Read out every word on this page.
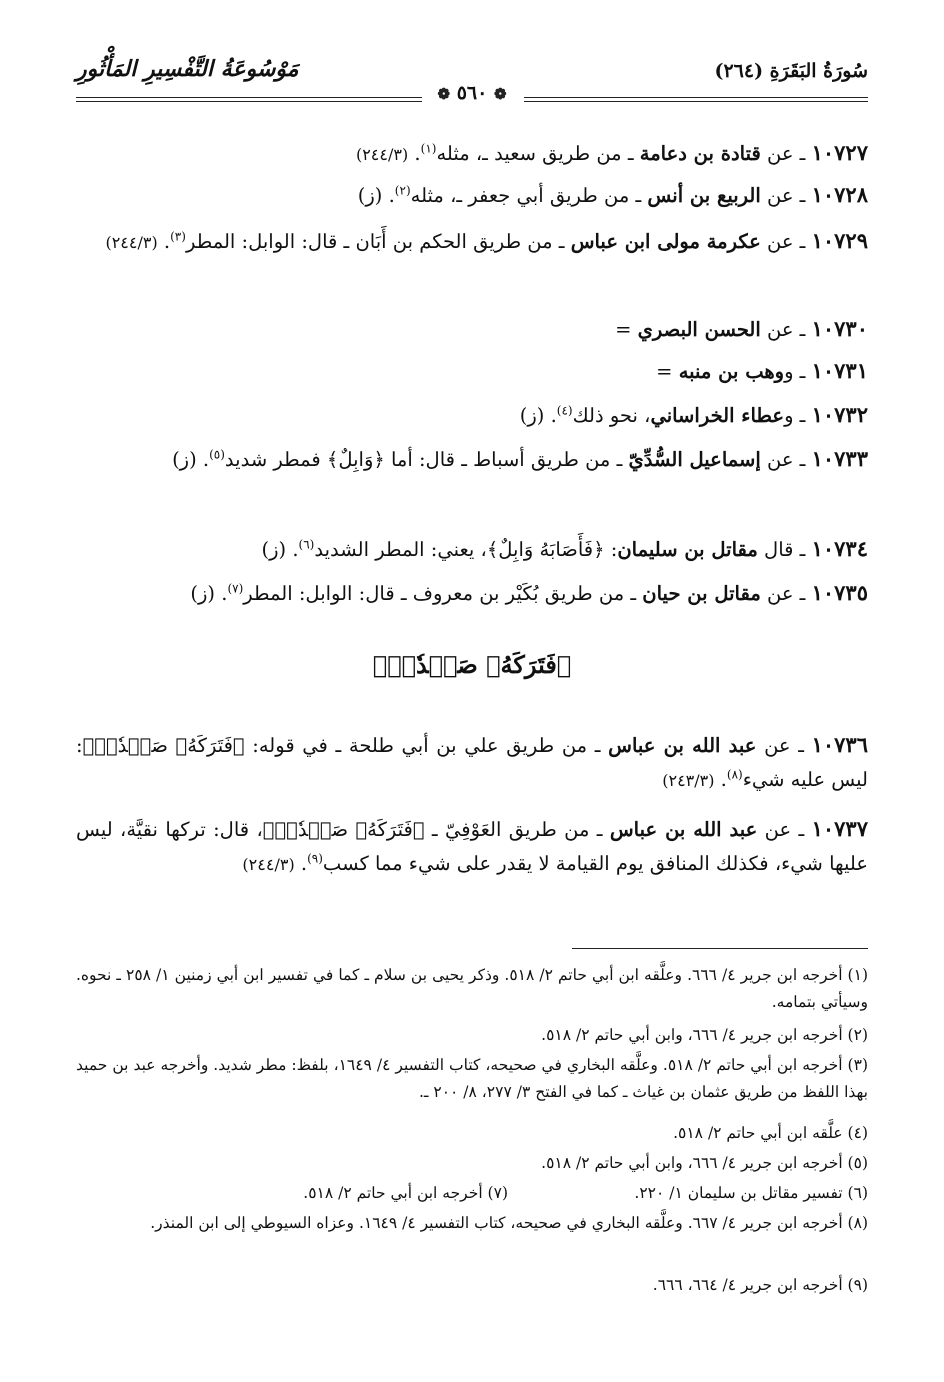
سُورَةُ البَقَرَةِ (٢٦٤)
مَوْسُوعَةُ التَّفْسِيرِ المَأْثُورِ
❁ ٥٦٠ ❁
١٠٧٢٧ ـ عن قتادة بن دعامة ـ من طريق سعيد ـ، مثله$^{(١)}$. (٢٤٤/٣)
١٠٧٢٨ ـ عن الربيع بن أنس ـ من طريق أبي جعفر ـ، مثله$^{(٢)}$. (ز)
١٠٧٢٩ ـ عن عكرمة مولى ابن عباس ـ من طريق الحكم بن أَبَان ـ قال: الوابل: المطر$^{(٣)}$. (٢٤٤/٣)
١٠٧٣٠ ـ عن الحسن البصري =
١٠٧٣١ ـ ووهب بن منبه =
١٠٧٣٢ ـ وعطاء الخراساني، نحو ذلك$^{(٤)}$. (ز)
١٠٧٣٣ ـ عن إسماعيل السُّدِّيّ ـ من طريق أسباط ـ قال: أما ﴿وَابِلٌ﴾ فمطر شديد$^{(٥)}$. (ز)
١٠٧٣٤ ـ قال مقاتل بن سليمان: ﴿فَأَصَابَهُ وَابِلٌ﴾، يعني: المطر الشديد$^{(٦)}$. (ز)
١٠٧٣٥ ـ عن مقاتل بن حيان ـ من طريق بُكَيْر بن معروف ـ قال: الوابل: المطر$^{(٧)}$. (ز)
﴿فَتَرَكَهُۥ صَلۡدٗاۖ﴾
١٠٧٣٦ ـ عن عبد الله بن عباس ـ من طريق علي بن أبي طلحة ـ في قوله: ﴿فَتَرَكَهُۥ صَلۡدٗاۖ﴾: ليس عليه شيء$^{(٨)}$. (٢٤٣/٣)
١٠٧٣٧ ـ عن عبد الله بن عباس ـ من طريق العَوْفِيّ ـ ﴿فَتَرَكَهُۥ صَلۡدٗاۖ﴾، قال: تركها نقيَّة، ليس عليها شيء، فكذلك المنافق يوم القيامة لا يقدر على شيء مما كسب$^{(٩)}$. (٢٤٤/٣)
(١) أخرجه ابن جرير ٤/ ٦٦٦. وعلَّقه ابن أبي حاتم ٢/ ٥١٨. وذكر يحيى بن سلام ـ كما في تفسير ابن أبي زمنين ١/ ٢٥٨ ـ نحوه. وسيأتي بتمامه.
(٢) أخرجه ابن جرير ٤/ ٦٦٦، وابن أبي حاتم ٢/ ٥١٨.
(٣) أخرجه ابن أبي حاتم ٢/ ٥١٨. وعلَّقه البخاري في صحيحه، كتاب التفسير ٤/ ١٦٤٩، بلفظ: مطر شديد. وأخرجه عبد بن حميد بهذا اللفظ من طريق عثمان بن غياث ـ كما في الفتح ٣/ ٢٧٧، ٨/ ٢٠٠ ـ.
(٤) علَّقه ابن أبي حاتم ٢/ ٥١٨.
(٥) أخرجه ابن جرير ٤/ ٦٦٦، وابن أبي حاتم ٢/ ٥١٨.
(٦) تفسير مقاتل بن سليمان ١/ ٢٢٠.
(٧) أخرجه ابن أبي حاتم ٢/ ٥١٨.
(٨) أخرجه ابن جرير ٤/ ٦٦٧. وعلَّقه البخاري في صحيحه، كتاب التفسير ٤/ ١٦٤٩. وعزاه السيوطي إلى ابن المنذر.
(٩) أخرجه ابن جرير ٤/ ٦٦٤، ٦٦٦.
